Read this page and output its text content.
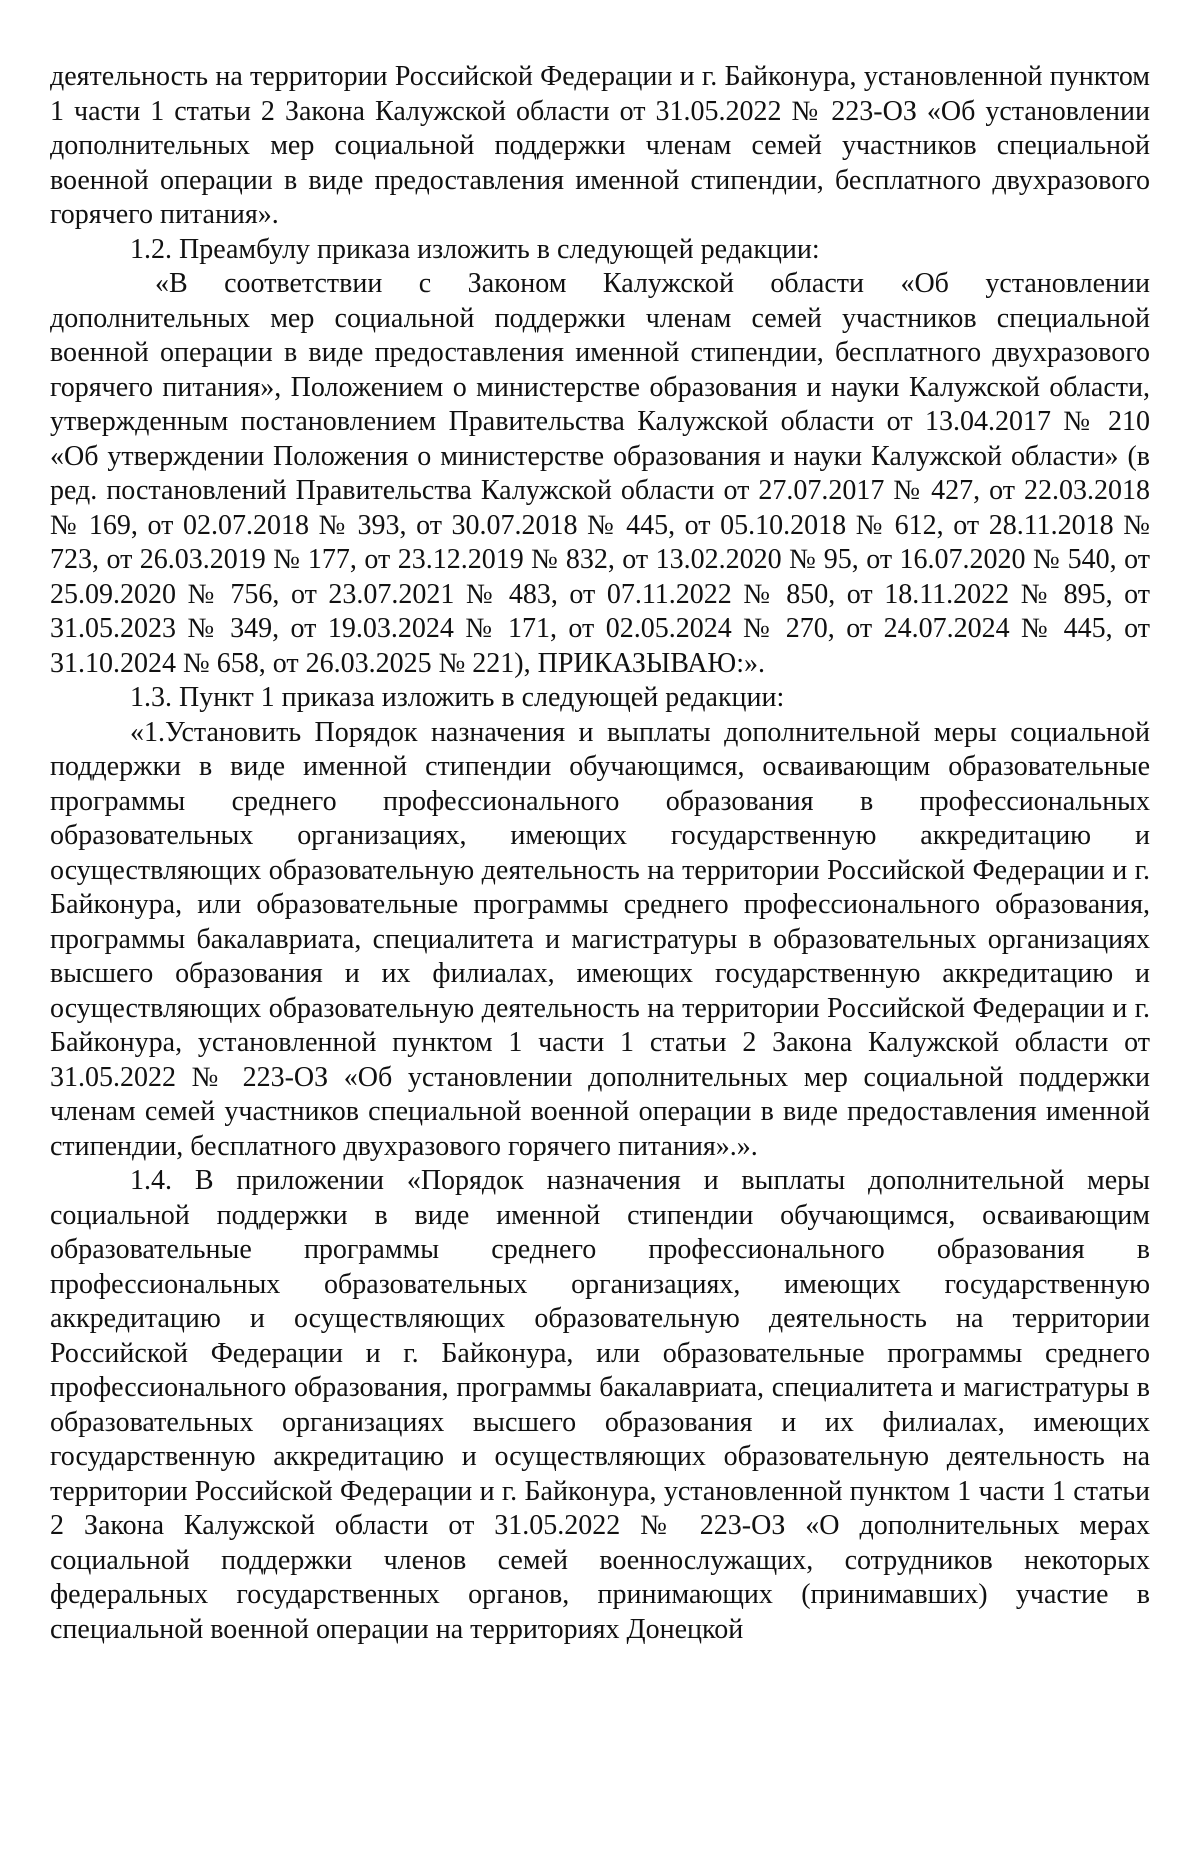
деятельность на территории Российской Федерации и г. Байконура, установленной пунктом 1 части 1 статьи 2 Закона Калужской области от 31.05.2022 № 223-ОЗ «Об установлении дополнительных мер социальной поддержки членам семей участников специальной военной операции в виде предоставления именной стипендии, бесплатного двухразового горячего питания».

1.2. Преамбулу приказа изложить в следующей редакции:

«В соответствии с Законом Калужской области «Об установлении дополнительных мер социальной поддержки членам семей участников специальной военной операции в виде предоставления именной стипендии, бесплатного двухразового горячего питания», Положением о министерстве образования и науки Калужской области, утвержденным постановлением Правительства Калужской области от 13.04.2017 № 210 «Об утверждении Положения о министерстве образования и науки Калужской области» (в ред. постановлений Правительства Калужской области от 27.07.2017 № 427, от 22.03.2018 № 169, от 02.07.2018 № 393, от 30.07.2018 № 445, от 05.10.2018 № 612, от 28.11.2018 № 723, от 26.03.2019 № 177, от 23.12.2019 № 832, от 13.02.2020 № 95, от 16.07.2020 № 540, от 25.09.2020 № 756, от 23.07.2021 № 483, от 07.11.2022 № 850, от 18.11.2022 № 895, от 31.05.2023 № 349, от 19.03.2024 № 171, от 02.05.2024 № 270, от 24.07.2024 № 445, от 31.10.2024 № 658, от 26.03.2025 № 221), ПРИКАЗЫВАЮ:».

1.3. Пункт 1 приказа изложить в следующей редакции:

«1.Установить Порядок назначения и выплаты дополнительной меры социальной поддержки в виде именной стипендии обучающимся, осваивающим образовательные программы среднего профессионального образования в профессиональных образовательных организациях, имеющих государственную аккредитацию и осуществляющих образовательную деятельность на территории Российской Федерации и г. Байконура, или образовательные программы среднего профессионального образования, программы бакалавриата, специалитета и магистратуры в образовательных организациях высшего образования и их филиалах, имеющих государственную аккредитацию и осуществляющих образовательную деятельность на территории Российской Федерации и г. Байконура, установленной пунктом 1 части 1 статьи 2 Закона Калужской области от 31.05.2022 № 223-ОЗ «Об установлении дополнительных мер социальной поддержки членам семей участников специальной военной операции в виде предоставления именной стипендии, бесплатного двухразового горячего питания».».

1.4. В приложении «Порядок назначения и выплаты дополнительной меры социальной поддержки в виде именной стипендии обучающимся, осваивающим образовательные программы среднего профессионального образования в профессиональных образовательных организациях, имеющих государственную аккредитацию и осуществляющих образовательную деятельность на территории Российской Федерации и г. Байконура, или образовательные программы среднего профессионального образования, программы бакалавриата, специалитета и магистратуры в образовательных организациях высшего образования и их филиалах, имеющих государственную аккредитацию и осуществляющих образовательную деятельность на территории Российской Федерации и г. Байконура, установленной пунктом 1 части 1 статьи 2 Закона Калужской области от 31.05.2022 № 223-ОЗ «О дополнительных мерах социальной поддержки членов семей военнослужащих, сотрудников некоторых федеральных государственных органов, принимающих (принимавших) участие в специальной военной операции на территориях Донецкой
